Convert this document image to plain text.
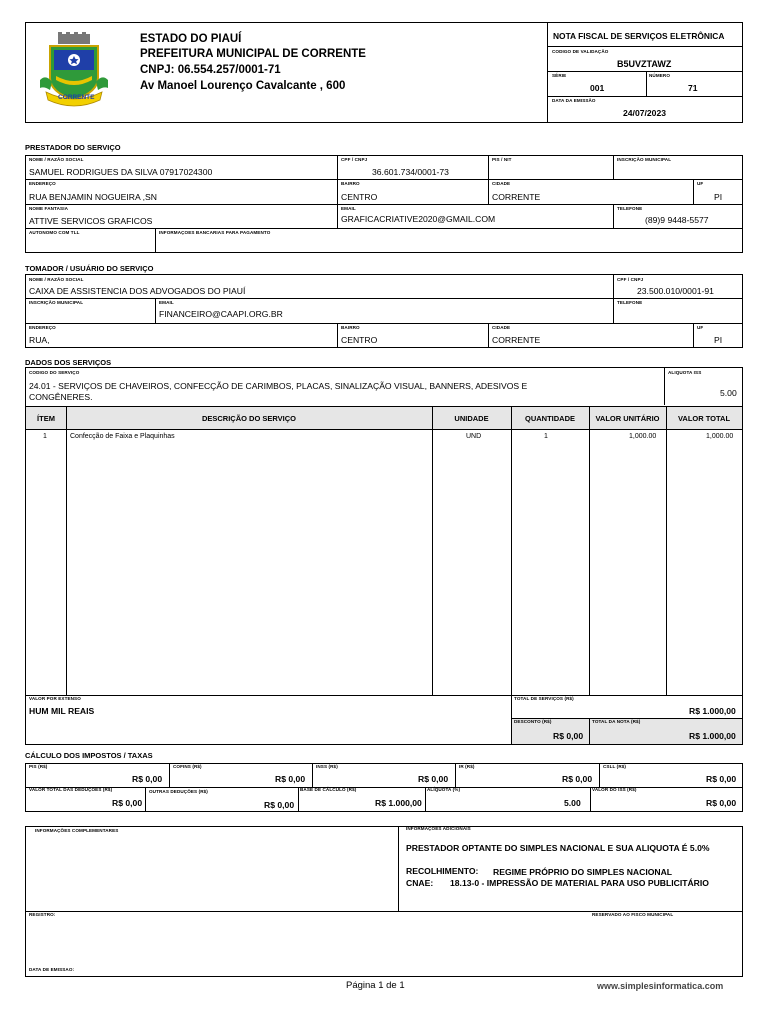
CORRENTE
ESTADO DO PIAUÍ
PREFEITURA MUNICIPAL DE CORRENTE
CNPJ: 06.554.257/0001-71
Av Manoel Lourenço Cavalcante , 600
NOTA FISCAL DE SERVIÇOS ELETRÔNICA
CODIGO DE VALIDAÇÃO
B5UVZTAWZ
SÉRIE
001
NÚMERO
71
DATA DA EMISSÃO
24/07/2023
PRESTADOR DO SERVIÇO
NOME / RAZÃO SOCIAL
SAMUEL RODRIGUES DA SILVA 07917024300
CPF / CNPJ
36.601.734/0001-73
PIS / NIT	INSCRIÇÃO MUNICIPAL
ENDEREÇO
RUA BENJAMIN NOGUEIRA ,SN
BAIRRO
CENTRO
CIDADE
CORRENTE
UF
PI
NOME FANTASIA
ATTIVE SERVICOS GRAFICOS
EMAIL
GRAFICACRIATIVE2020@GMAIL.COM
TELEFONE
(89)9 9448-5577
AUTONOMO COM TLL	INFORMAÇOES BANCARIAS PARA PAGAMENTO
TOMADOR / USUÁRIO DO SERVIÇO
NOME / RAZÃO SOCIAL
CAIXA DE ASSISTENCIA DOS ADVOGADOS DO PIAUÍ
CPF / CNPJ
23.500.010/0001-91
INSCRIÇÃO MUNICIPAL	EMAIL
FINANCEIRO@CAAPI.ORG.BR
TELEFONE
ENDEREÇO
RUA,
BAIRRO
CENTRO
CIDADE
CORRENTE
UF
PI
DADOS DOS SERVIÇOS
CODIGO DO SERVIÇO
24.01 - SERVIÇOS DE CHAVEIROS, CONFECÇÃO DE CARIMBOS, PLACAS, SINALIZAÇÃO VISUAL, BANNERS, ADESIVOS E
CONGÊNERES.
ALIQUOTA ISS
5.00
ÍTEM	DESCRIÇÃO DO SERVIÇO	UNIDADE	QUANTIDADE	VALOR UNITÁRIO	VALOR TOTAL
1	Confecção de Faixa e Plaquinhas	UND	1	1,000.00	1,000.00
VALOR POR EXTENSO
HUM MIL REAIS
TOTAL DE SERVIÇOS (R$)
R$ 1.000,00
DESCONTO (R$)
R$ 0,00
TOTAL DA NOTA (R$)
R$ 1.000,00
CÁLCULO DOS IMPOSTOS / TAXAS
PIS (R$)
R$ 0,00
COFINS (R$)
R$ 0,00
INSS (R$)
R$ 0,00
IR (R$)
R$ 0,00
CSLL (R$)
R$ 0,00
VALOR TOTAL DAS DEDUÇÕES (R$)
R$ 0,00
OUTRAS DEDUÇÕES (R$)
R$ 0,00
BASE DE CÁLCULO (R$)
R$ 1.000,00
ALÍQUOTA (%)
5.00
VALOR DO ISS (R$)
R$ 0,00
INFORMAÇÕES COMPLEMENTARES	INFORMAÇÕES ADICIONAIS
PRESTADOR OPTANTE DO SIMPLES NACIONAL E SUA ALIQUOTA É 5.0%
RECOLHIMENTO: REGIME PRÓPRIO DO SIMPLES NACIONAL
CNAE: 18.13-0 - IMPRESSÃO DE MATERIAL PARA USO PUBLICITÁRIO
REGISTRO:	RESERVADO AO FISCO MUNICIPAL
DATA DE EMISSAO:
Página 1 de 1	www.simplesinformatica.com
